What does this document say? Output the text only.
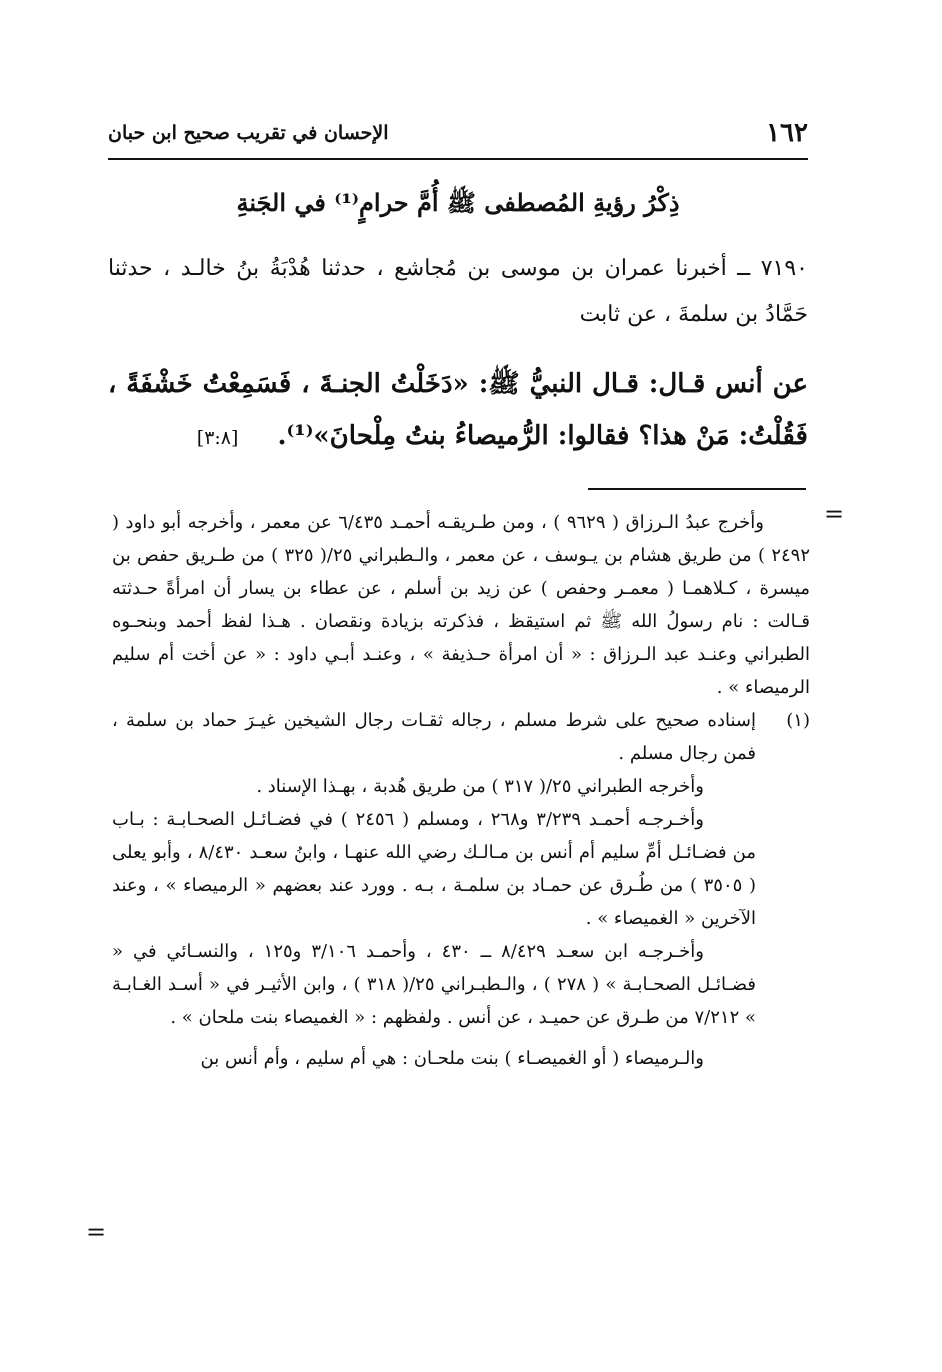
١٦٢
الإحسان في تقريب صحيح ابن حبان
ذِكْرُ رؤيةِ المُصطفى ﷺ أُمَّ حرامٍ⁽¹⁾ في الجَنةِ
٧١٩٠ ــ أخبرنا عمران بن موسى بن مُجاشع ، حدثنا هُدْبَةُ بنُ خالـد ، حدثنا حَمَّادُ بن سلمةَ ، عن ثابت
عن أنس قـال: قـال النبيُّ ﷺ: «دَخَلْتُ الجنـةَ ، فَسَمِعْتُ خَشْفَةً ، فَقُلْتُ: مَنْ هذا؟ فقالوا: الرُّميصاءُ بنتُ مِلْحانَ»⁽¹⁾. [٣:٨]
=

وأخرج عبدُ الـرزاق ( ٩٦٢٩ ) ، ومن طـريقـه أحمـد ٦/٤٣٥ عن معمر ، وأخرجه أبو داود ( ٢٤٩٢ ) من طريق هشام بن يـوسف ، عن معمر ، والـطبراني ٢٥/( ٣٢٥ ) من طـريق حفص بن ميسرة ، كـلاهمـا ( معمـر وحفص ) عن زيد بن أسلم ، عن عطاء بن يسار أن امرأةً حـدثته قـالت : نام رسولُ الله ﷺ ثم استيقظ ، فذكرته بزيادة ونقصان . هـذا لفظ أحمد وبنحـوه الطبراني وعنـد عبد الـرزاق : « أن امرأة حـذيفة » ، وعنـد أبـي داود : « عن أخت أم سليم الرميصاء » .

(١)
إسناده صحيح على شرط مسلم ، رجاله ثقـات رجال الشيخين غيـرَ حماد بن سلمة ، فمن رجال مسلم .

وأخرجه الطبراني ٢٥/( ٣١٧ ) من طريق هُدبة ، بهـذا الإسناد .

وأخـرجـه أحمـد ٣/٢٣٩ و٢٦٨ ، ومسلم ( ٢٤٥٦ ) في فضـائـل الصحـابـة : بـاب من فضـائـل أمِّ سليم أم أنس بن مـالـك رضي الله عنهـا ، وابنُ سعـد ٨/٤٣٠ ، وأبو يعلى ( ٣٥٠٥ ) من طُـرق عن حمـاد بن سلمـة ، بـه . وورد عند بعضهم « الرميصاء » ، وعند الآخرين « الغميصاء » .

وأخـرجـه ابن سعـد ٨/٤٢٩ ــ ٤٣٠ ، وأحمـد ٣/١٠٦ و١٢٥ ، والنسـائي في « فضـائـل الصحـابـة » ( ٢٧٨ ) ، والـطبـراني ٢٥/( ٣١٨ ) ، وابن الأثيـر في « أسـد الغـابـة » ٧/٢١٢ من طـرق عن حميـد ، عن أنس . ولفظهم : « الغميصاء بنت ملحان » .

والـرميصاء ( أو الغميصـاء ) بنت ملحـان : هي أم سليم ، وأم أنس بن

=
